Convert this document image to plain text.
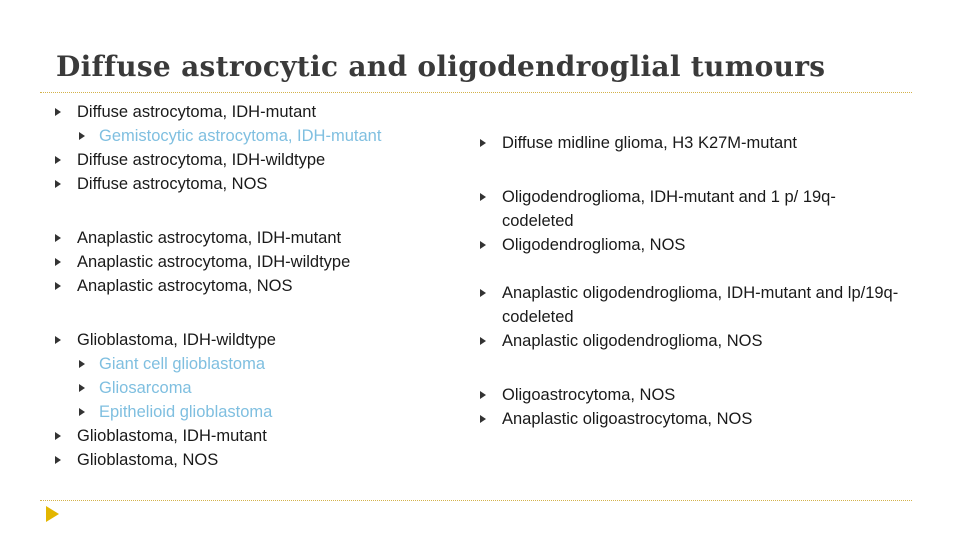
Diffuse astrocytic and oligodendroglial tumours
Diffuse astrocytoma, IDH-mutant
Gemistocytic astrocytoma, IDH-mutant
Diffuse astrocytoma, IDH-wildtype
Diffuse astrocytoma, NOS
Anaplastic astrocytoma, IDH-mutant
Anaplastic astrocytoma, IDH-wildtype
Anaplastic astrocytoma, NOS
Glioblastoma, IDH-wildtype
Giant cell glioblastoma
Gliosarcoma
Epithelioid glioblastoma
Glioblastoma, IDH-mutant
Glioblastoma, NOS
Diffuse midline glioma, H3 K27M-mutant
Oligodendroglioma, IDH-mutant and 1 p/ 19q-codeleted
Oligodendroglioma, NOS
Anaplastic oligodendroglioma, IDH-mutant and lp/19q-codeleted
Anaplastic oligodendroglioma, NOS
Oligoastrocytoma, NOS
Anaplastic oligoastrocytoma, NOS
